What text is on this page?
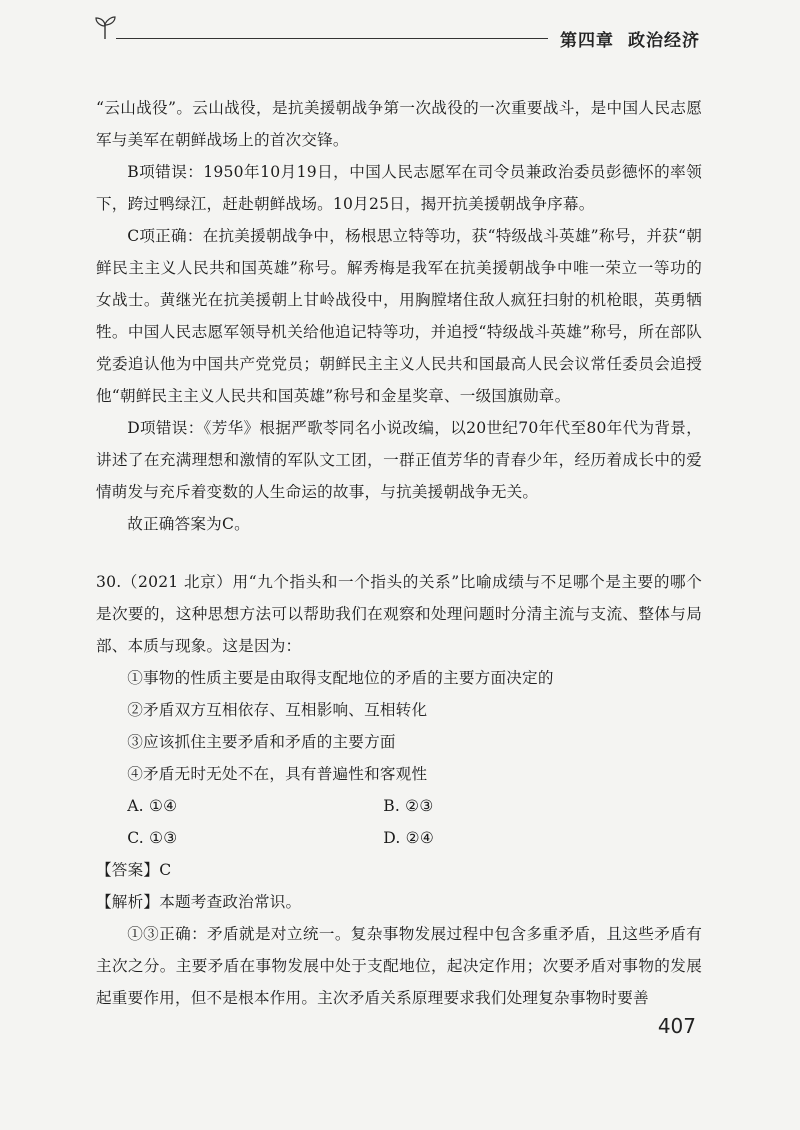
第四章 政治经济

“云山战役”。云山战役，是抗美援朝战争第一次战役的一次重要战斗，是中国人民志愿军与美军在朝鲜战场上的首次交锋。

B项错误：1950年10月19日，中国人民志愿军在司令员兼政治委员彭德怀的率领下，跨过鸭绿江，赶赴朝鲜战场。10月25日，揭开抗美援朝战争序幕。

C项正确：在抗美援朝战争中，杨根思立特等功，获“特级战斗英雄”称号，并获“朝鲜民主主义人民共和国英雄”称号。解秀梅是我军在抗美援朝战争中唯一荣立一等功的女战士。黄继光在抗美援朝上甘岭战役中，用胸膛堵住敌人疯狂扫射的机枪眼，英勇牺牲。中国人民志愿军领导机关给他追记特等功，并追授“特级战斗英雄”称号，所在部队党委追认他为中国共产党党员；朝鲜民主主义人民共和国最高人民会议常任委员会追授他“朝鲜民主主义人民共和国英雄”称号和金星奖章、一级国旗勋章。

D项错误：《芳华》根据严歌苓同名小说改编，以20世纪70年代至80年代为背景，讲述了在充满理想和激情的军队文工团，一群正值芳华的青春少年，经历着成长中的爱情萌发与充斥着变数的人生命运的故事，与抗美援朝战争无关。

故正确答案为C。

30.（2021 北京）用“九个指头和一个指头的关系”比喻成绩与不足哪个是主要的哪个是次要的，这种思想方法可以帮助我们在观察和处理问题时分清主流与支流、整体与局部、本质与现象。这是因为：

①事物的性质主要是由取得支配地位的矛盾的主要方面决定的

②矛盾双方互相依存、互相影响、互相转化

③应该抓住主要矛盾和矛盾的主要方面

④矛盾无时无处不在，具有普遍性和客观性

A. ①④	B. ②③
C. ①③	D. ②④

【答案】C

【解析】本题考查政治常识。

①③正确：矛盾就是对立统一。复杂事物发展过程中包含多重矛盾，且这些矛盾有主次之分。主要矛盾在事物发展中处于支配地位，起决定作用；次要矛盾对事物的发展起重要作用，但不是根本作用。主次矛盾关系原理要求我们处理复杂事物时要善

407
